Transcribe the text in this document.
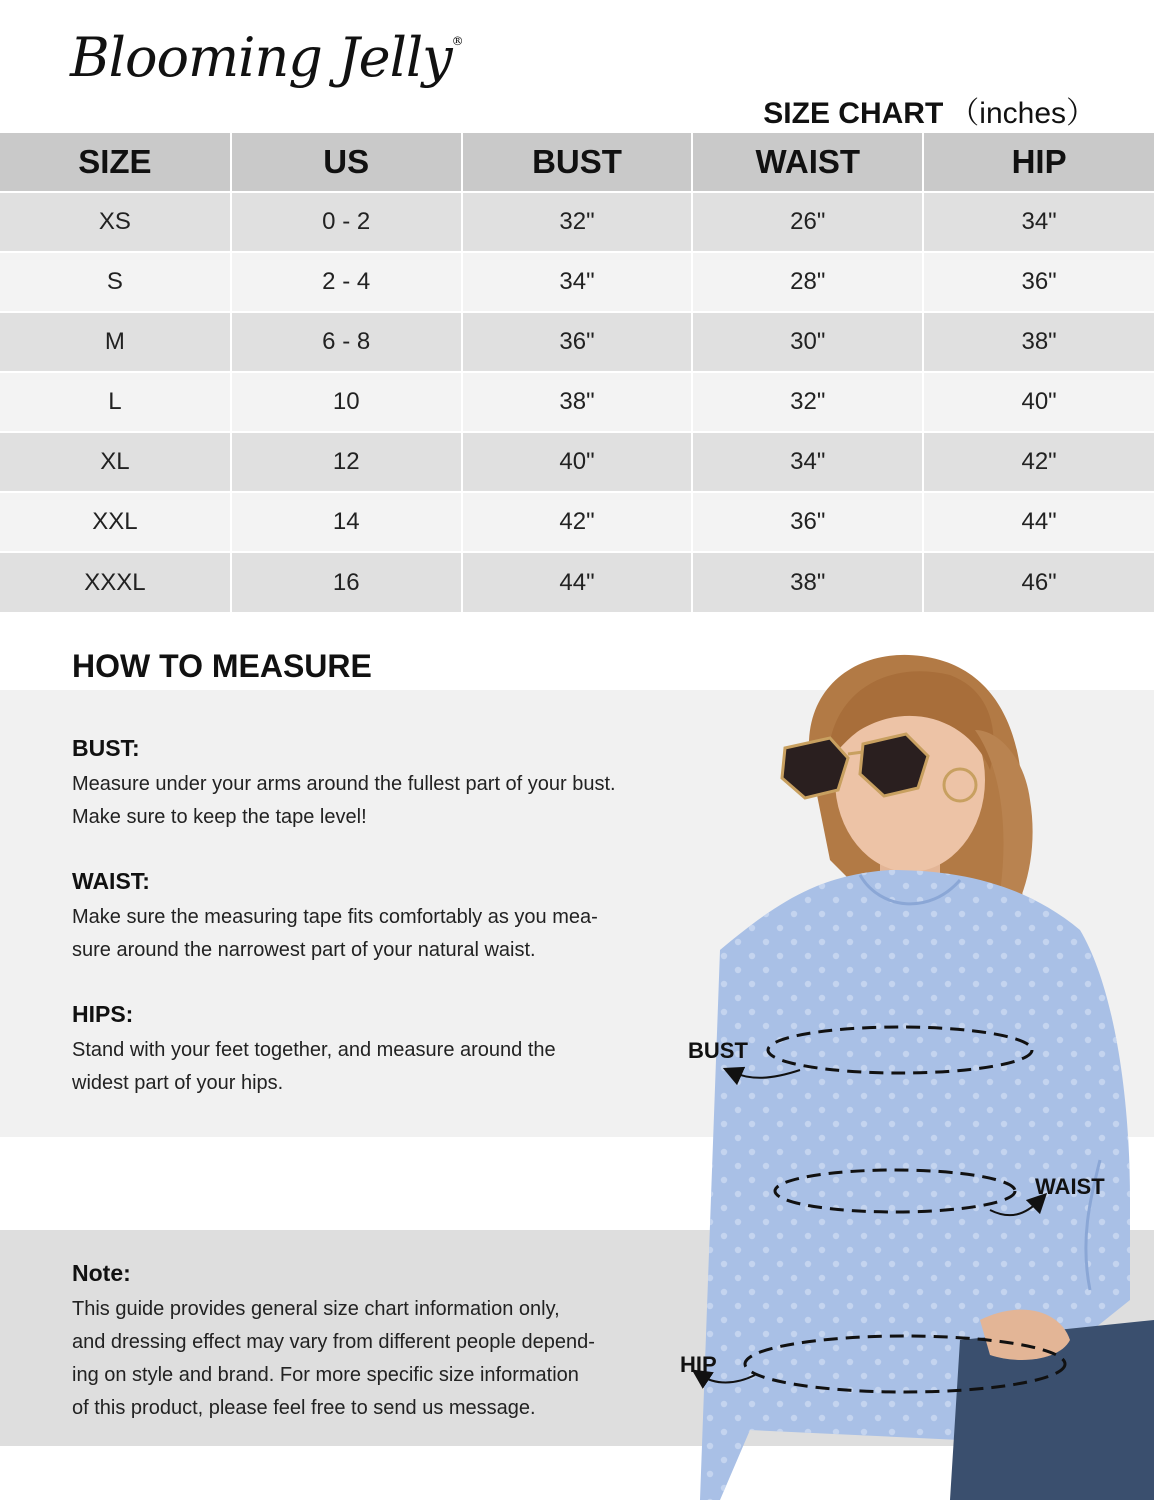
Blooming Jelly®
SIZE CHART （inches）
SIZE	US	BUST	WAIST	HIP
XS	0 - 2	32"	26"	34"
S	2 - 4	34"	28"	36"
M	6 - 8	36"	30"	38"
L	10	38"	32"	40"
XL	12	40"	34"	42"
XXL	14	42"	36"	44"
XXXL	16	44"	38"	46"
HOW TO MEASURE
BUST:

Measure under your arms around the fullest part of your bust.

Make sure to keep the tape level!

WAIST:

Make sure the measuring tape fits comfortably as you mea-

sure around the narrowest part of your natural waist.

HIPS:

Stand with your feet together, and measure around the

widest part of your hips.

Note:

This guide provides general size chart information only,

and dressing effect may vary from different people depend-

ing on style and brand. For more specific size information

of this product, please feel free to send us message.

BUST
WAIST
HIP
